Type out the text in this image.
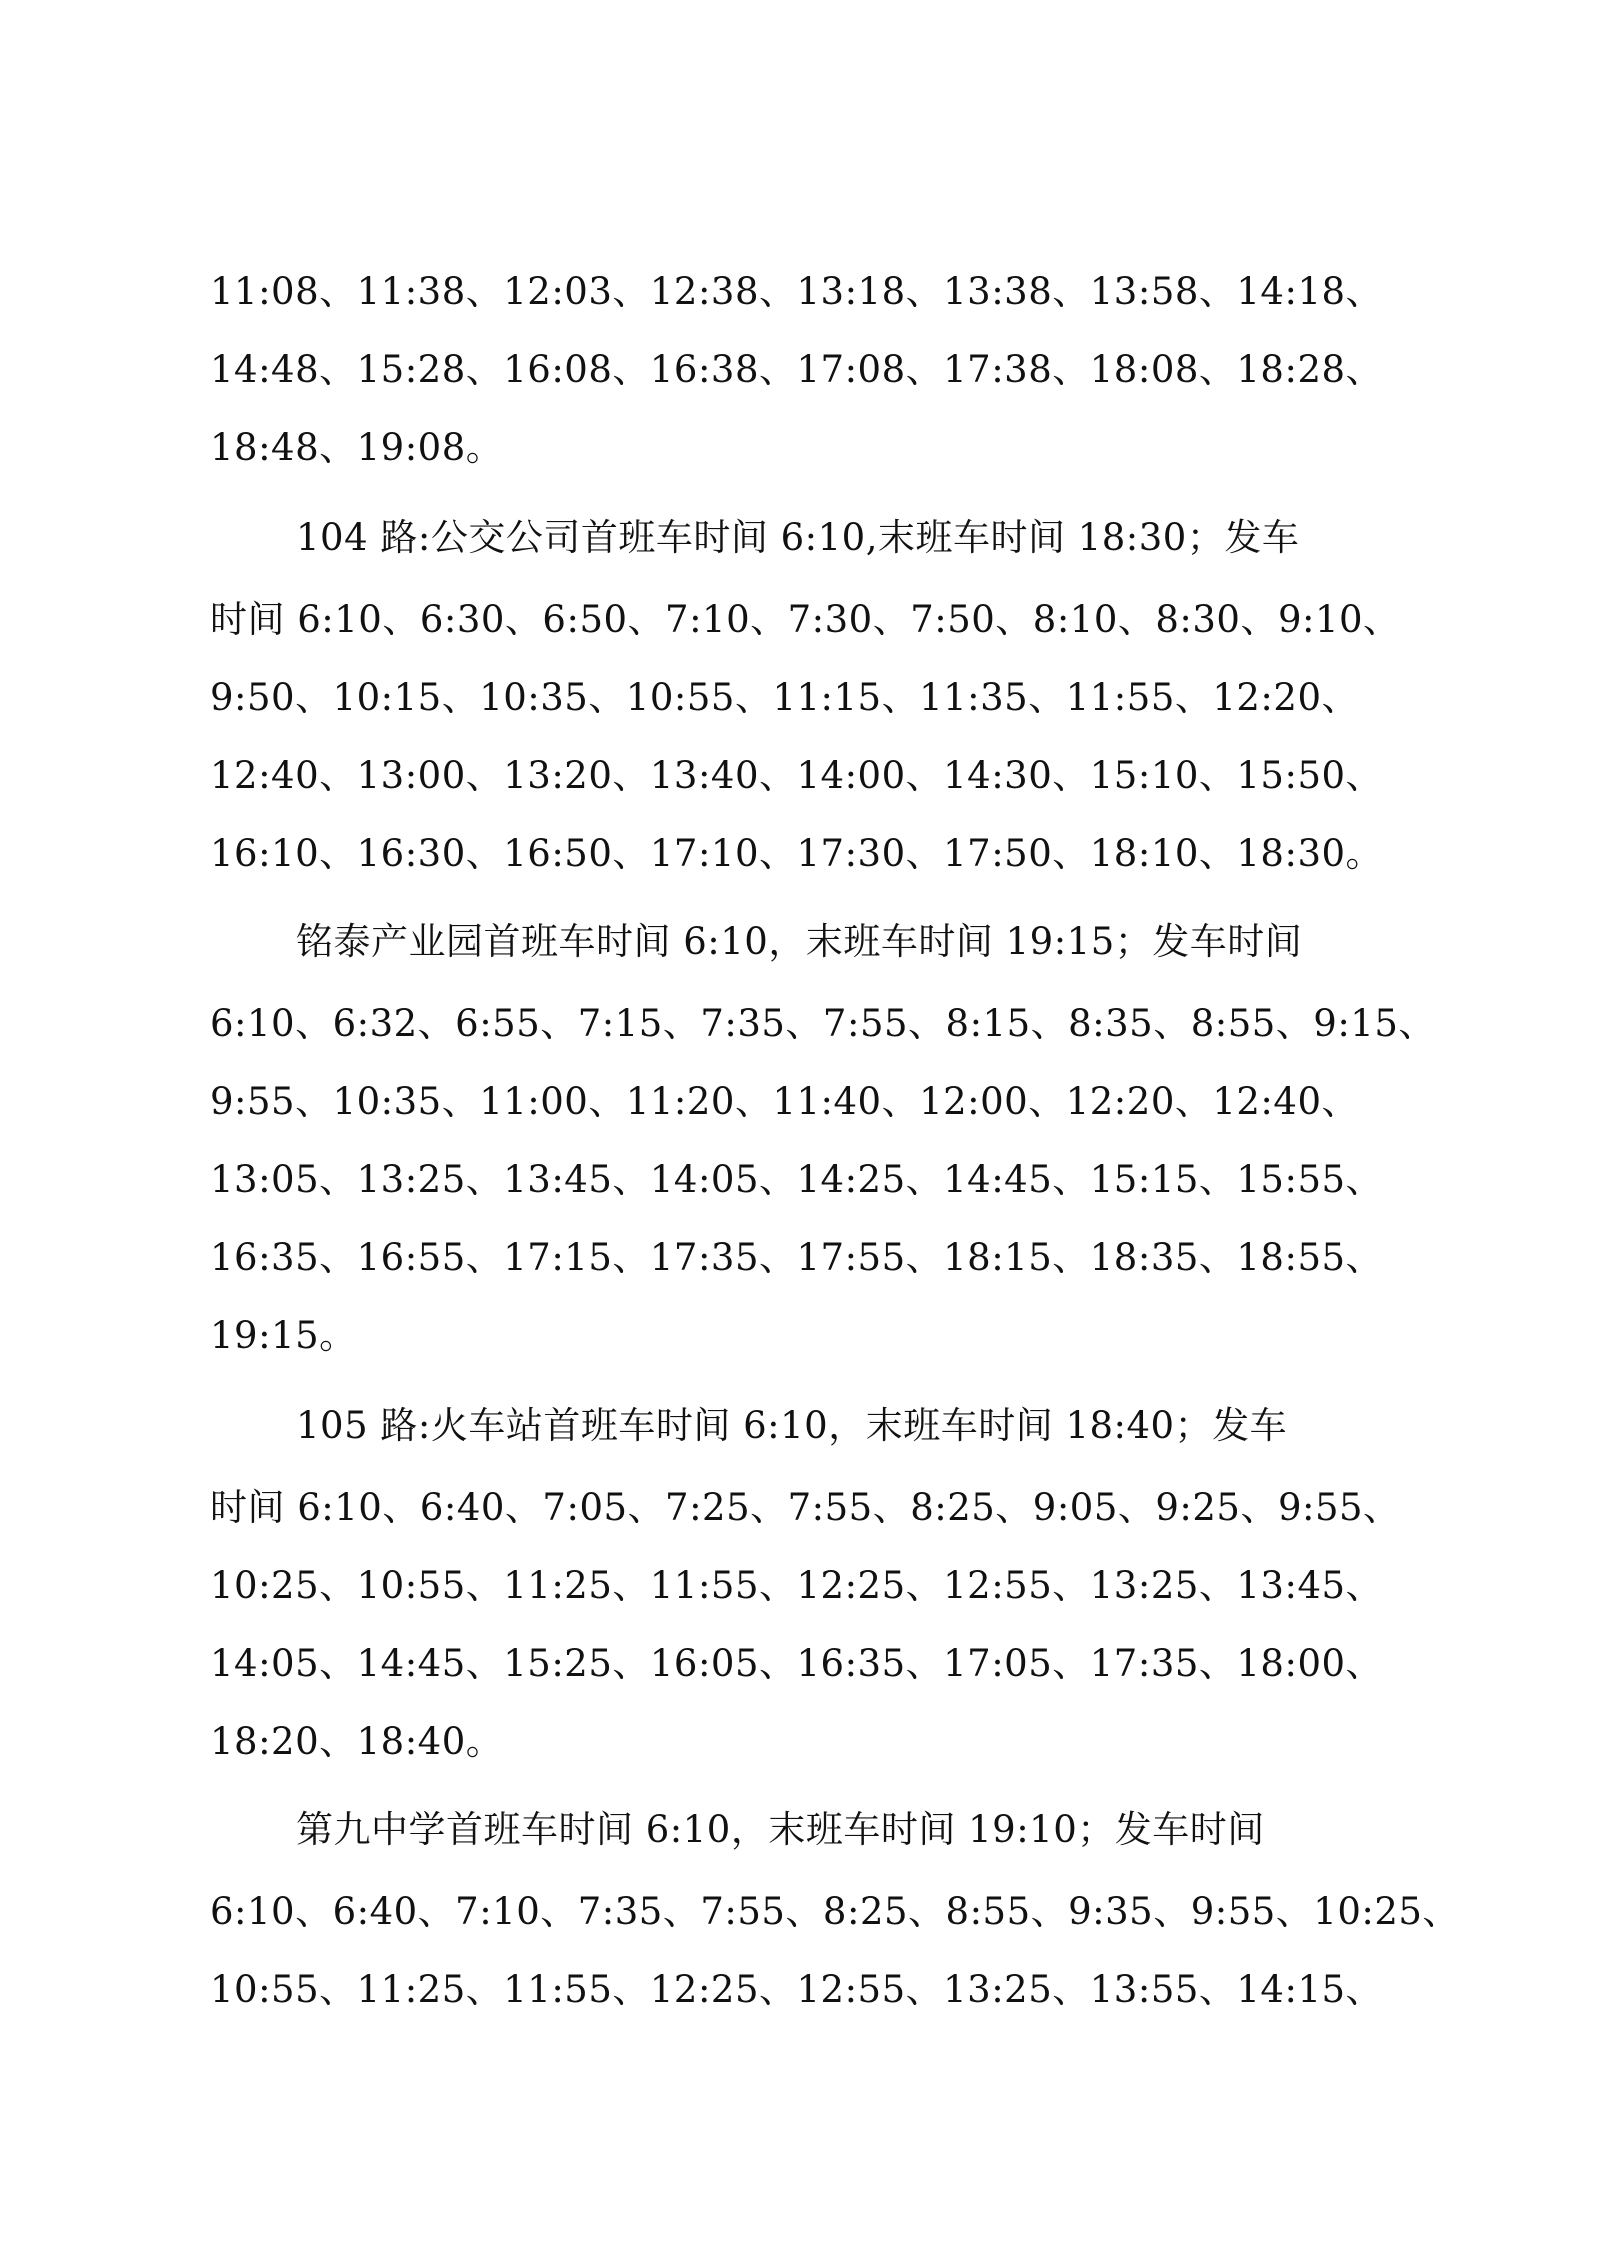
11:08、11:38、12:03、12:38、13:18、13:38、13:58、14:18、
14:48、15:28、16:08、16:38、17:08、17:38、18:08、18:28、
18:48、19:08。
104 路:公交公司首班车时间 6:10,末班车时间 18:30；发车
时间 6:10、6:30、6:50、7:10、7:30、7:50、8:10、8:30、9:10、
9:50、10:15、10:35、10:55、11:15、11:35、11:55、12:20、
12:40、13:00、13:20、13:40、14:00、14:30、15:10、15:50、
16:10、16:30、16:50、17:10、17:30、17:50、18:10、18:30。
铭泰产业园首班车时间 6:10，末班车时间 19:15；发车时间
6:10、6:32、6:55、7:15、7:35、7:55、8:15、8:35、8:55、9:15、
9:55、10:35、11:00、11:20、11:40、12:00、12:20、12:40、
13:05、13:25、13:45、14:05、14:25、14:45、15:15、15:55、
16:35、16:55、17:15、17:35、17:55、18:15、18:35、18:55、
19:15。
105 路:火车站首班车时间 6:10，末班车时间 18:40；发车
时间 6:10、6:40、7:05、7:25、7:55、8:25、9:05、9:25、9:55、
10:25、10:55、11:25、11:55、12:25、12:55、13:25、13:45、
14:05、14:45、15:25、16:05、16:35、17:05、17:35、18:00、
18:20、18:40。
第九中学首班车时间 6:10，末班车时间 19:10；发车时间
6:10、6:40、7:10、7:35、7:55、8:25、8:55、9:35、9:55、10:25、
10:55、11:25、11:55、12:25、12:55、13:25、13:55、14:15、
